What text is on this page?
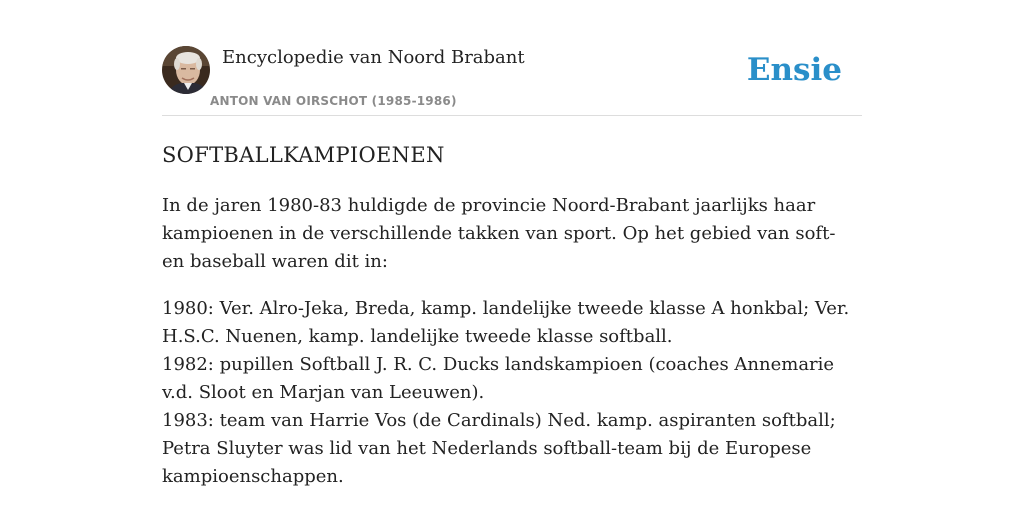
Encyclopedie van Noord Brabant
ANTON VAN OIRSCHOT (1985-1986)
Ensie
SOFTBALLKAMPIOENEN

In de jaren 1980-83 huldigde de provincie Noord-Brabant jaarlijks haar kampioenen in de verschillende takken van sport. Op het gebied van soft- en baseball waren dit in:

1980: Ver. Alro-Jeka, Breda, kamp. landelijke tweede klasse A honkbal; Ver. H.S.C. Nuenen, kamp. landelijke tweede klasse softball.
1982: pupillen Softball J. R. C. Ducks landskampioen (coaches Annemarie v.d. Sloot en Marjan van Leeuwen).
1983: team van Harrie Vos (de Cardinals) Ned. kamp. aspiranten softball; Petra Sluyter was lid van het Nederlands softball-team bij de Europese kampioenschappen.
